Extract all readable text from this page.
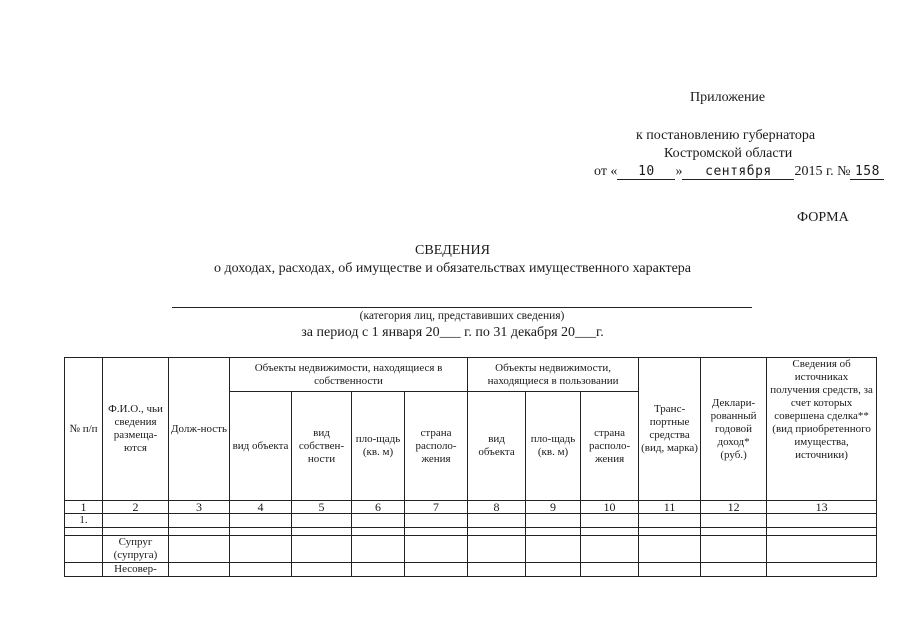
Приложение
к постановлению губернатора
Костромской области
от « 10 » сентября 2015 г. № 158
ФОРМА
СВЕДЕНИЯ
о доходах, расходах, об имуществе и обязательствах имущественного характера
(категория лиц, представивших сведения)
за период с 1 января 20___ г. по 31 декабря 20___г.
№ п/п	Ф.И.О., чьи сведения размеща-ются	Долж-ность	Объекты недвижимости, находящиеся в собственности				Объекты недвижимости, находящиеся в пользовании			Транс-портные средства (вид, марка)	Деклари-рованный годовой доход* (руб.)	Сведения об источниках получения средств, за счет которых совершена сделка** (вид приобретенного имущества, источники)
			вид объекта	вид собствен-ности	пло-щадь (кв. м)	страна располо-жения	вид объекта	пло-щадь (кв. м)	страна располо-жения			
1	2	3	4	5	6	7	8	9	10	11	12	13
1.												

	Супруг (супруга)											
	Несовер-											
